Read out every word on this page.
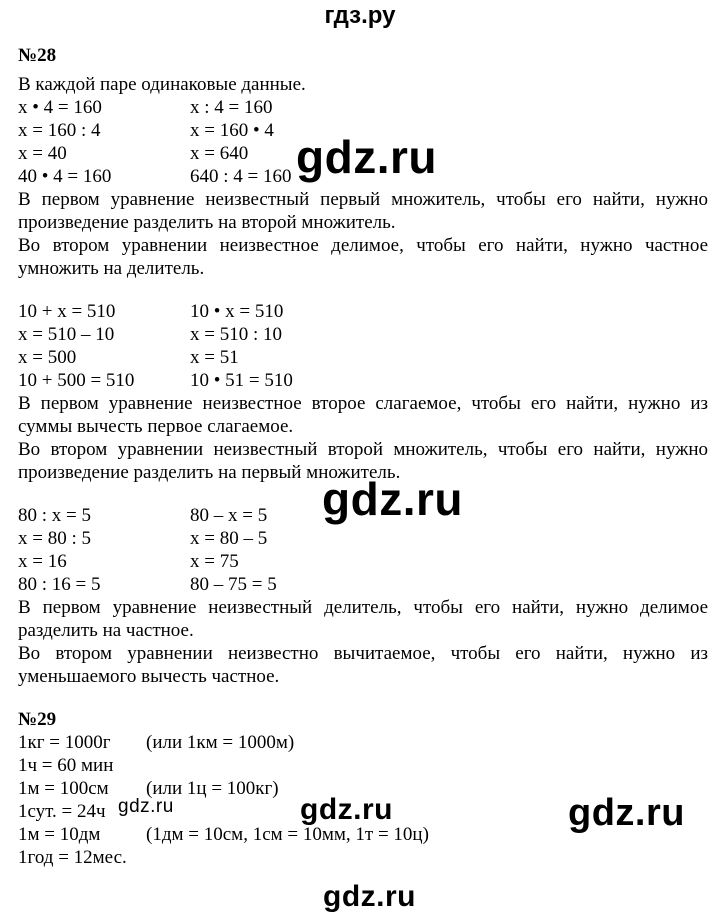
гдз.ру
№28
В каждой паре одинаковые данные.
x • 4 = 160	x : 4 = 160
x = 160 : 4	x = 160 • 4
x = 40	x = 640
40 • 4 = 160	640 : 4 = 160
В первом уравнение неизвестный первый множитель, чтобы его найти, нужно произведение разделить на второй множитель.
Во втором уравнении неизвестное делимое, чтобы его найти, нужно частное умножить на делитель.
10 + x = 510	10 • x = 510
x = 510 – 10	x = 510 : 10
x = 500	x = 51
10 + 500 = 510	10 • 51 = 510
В первом уравнение неизвестное второе слагаемое, чтобы его найти, нужно из суммы вычесть первое слагаемое.
Во втором уравнении неизвестный второй множитель, чтобы его найти, нужно произведение разделить на первый множитель.
80 : x = 5	80 – x = 5
x = 80 : 5	x = 80 – 5
x = 16	x = 75
80 : 16 = 5	80 – 75 = 5
В первом уравнение неизвестный делитель, чтобы его найти, нужно делимое разделить на частное.
Во втором уравнении неизвестно вычитаемое, чтобы его найти, нужно из уменьшаемого вычесть частное.
№29
1кг = 1000г (или 1км = 1000м)
1ч = 60 мин
1м = 100см (или 1ц = 100кг)
1сут. = 24ч
1м = 10дм (1дм = 10см, 1см = 10мм, 1т = 10ц)
1год = 12мес.
gdz.ru
gdz.ru
gdz.ru	gdz.ru	gdz.ru
gdz.ru
